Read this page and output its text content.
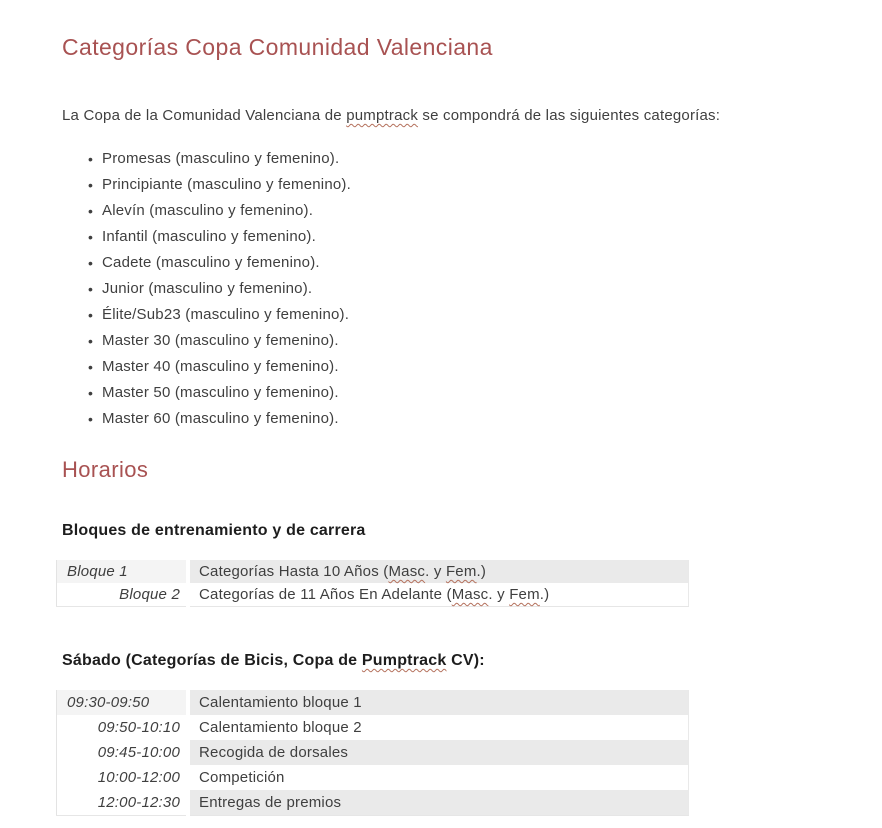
Categorías Copa Comunidad Valenciana

La Copa de la Comunidad Valenciana de pumptrack se compondrá de las siguientes categorías:

• Promesas (masculino y femenino).
• Principiante (masculino y femenino).
• Alevín (masculino y femenino).
• Infantil (masculino y femenino).
• Cadete (masculino y femenino).
• Junior (masculino y femenino).
• Élite/Sub23 (masculino y femenino).
• Master 30 (masculino y femenino).
• Master 40 (masculino y femenino).
• Master 50 (masculino y femenino).
• Master 60 (masculino y femenino).
Horarios
Bloques de entrenamiento y de carrera
Bloque 1	Categorías Hasta 10 Años (Masc. y Fem.)
Bloque 2	Categorías de 11 Años En Adelante (Masc. y Fem.)
Sábado (Categorías de Bicis, Copa de Pumptrack CV):
09:30-09:50	Calentamiento bloque 1
09:50-10:10	Calentamiento bloque 2
09:45-10:00	Recogida de dorsales
10:00-12:00	Competición
12:00-12:30	Entregas de premios
